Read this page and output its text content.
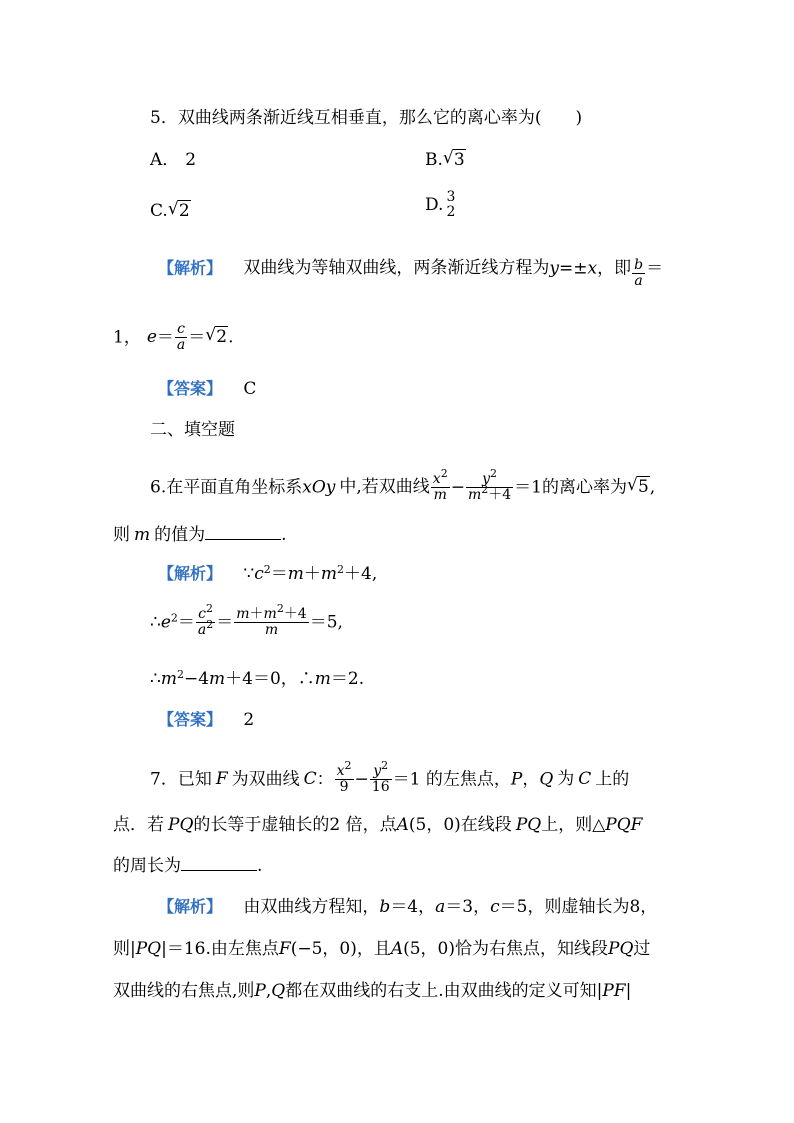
5．双曲线两条渐近线互相垂直，那么它的离心率为(　　)
A． 2	B. √ 3
C. √ 2	D. 3
2
【解析】 双曲线为等轴双曲线，两条渐近线方程为y=±x，即 $\frac{b}{a}$ ＝
1， $e= \frac{c}{a}$ ＝ √ 2.
【答案】 C
二、填空题
6.在平面直角坐标系xOy 中,若双曲线 $\frac{x^2}{m} - \frac{y^2}{m^2+4} =1$的离心率为 √ 5,
则 m 的值为	.
【解析】 $\because c^2=m+m^2+4$,
$\therefore e^2= \frac{c^2}{a^2} = \frac{m+m^2+4}{m} =5$,
$\therefore m^2-4m+4=0$，∴m＝2.
【答案】 2
7．已知 F 为双曲线 C： $\frac{x^2}{9} - \frac{y^2}{16} =1$ 的左焦点，P，Q 为 C 上的
点．若 PQ的长等于虚轴长的2 倍，点A(5，0)在线段 PQ上，则△PQF
的周长为	.
【解析】 由双曲线方程知，b＝4，a＝3，c＝5，则虚轴长为8，
则|PQ|＝16.由左焦点F(−5，0)，且A(5，0)恰为右焦点，知线段PQ过
双曲线的右焦点,则P,Q都在双曲线的右支上.由双曲线的定义可知|PF|
